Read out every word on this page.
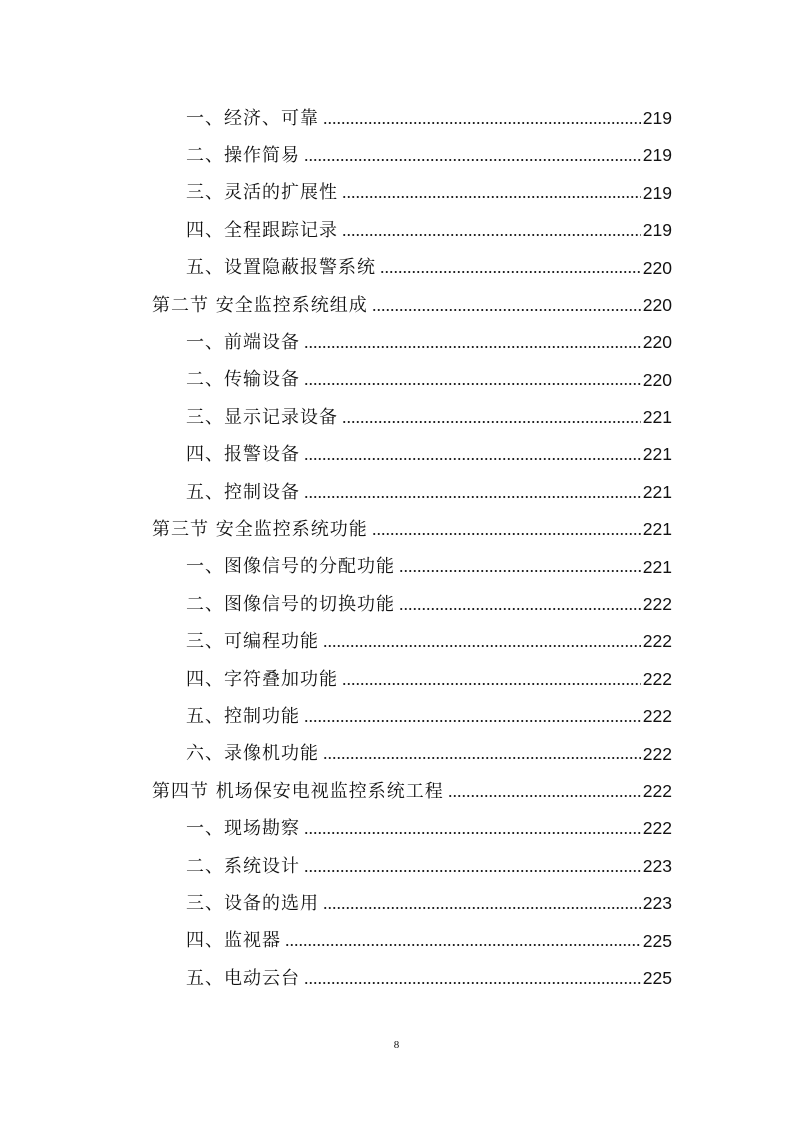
一、经济、可靠	219
二、操作简易	219
三、灵活的扩展性	219
四、全程跟踪记录	219
五、设置隐蔽报警系统	220
第二节 安全监控系统组成	220
一、前端设备	220
二、传输设备	220
三、显示记录设备	221
四、报警设备	221
五、控制设备	221
第三节 安全监控系统功能	221
一、图像信号的分配功能	221
二、图像信号的切换功能	222
三、可编程功能	222
四、字符叠加功能	222
五、控制功能	222
六、录像机功能	222
第四节 机场保安电视监控系统工程	222
一、现场勘察	222
二、系统设计	223
三、设备的选用	223
四、监视器	225
五、电动云台	225
8
